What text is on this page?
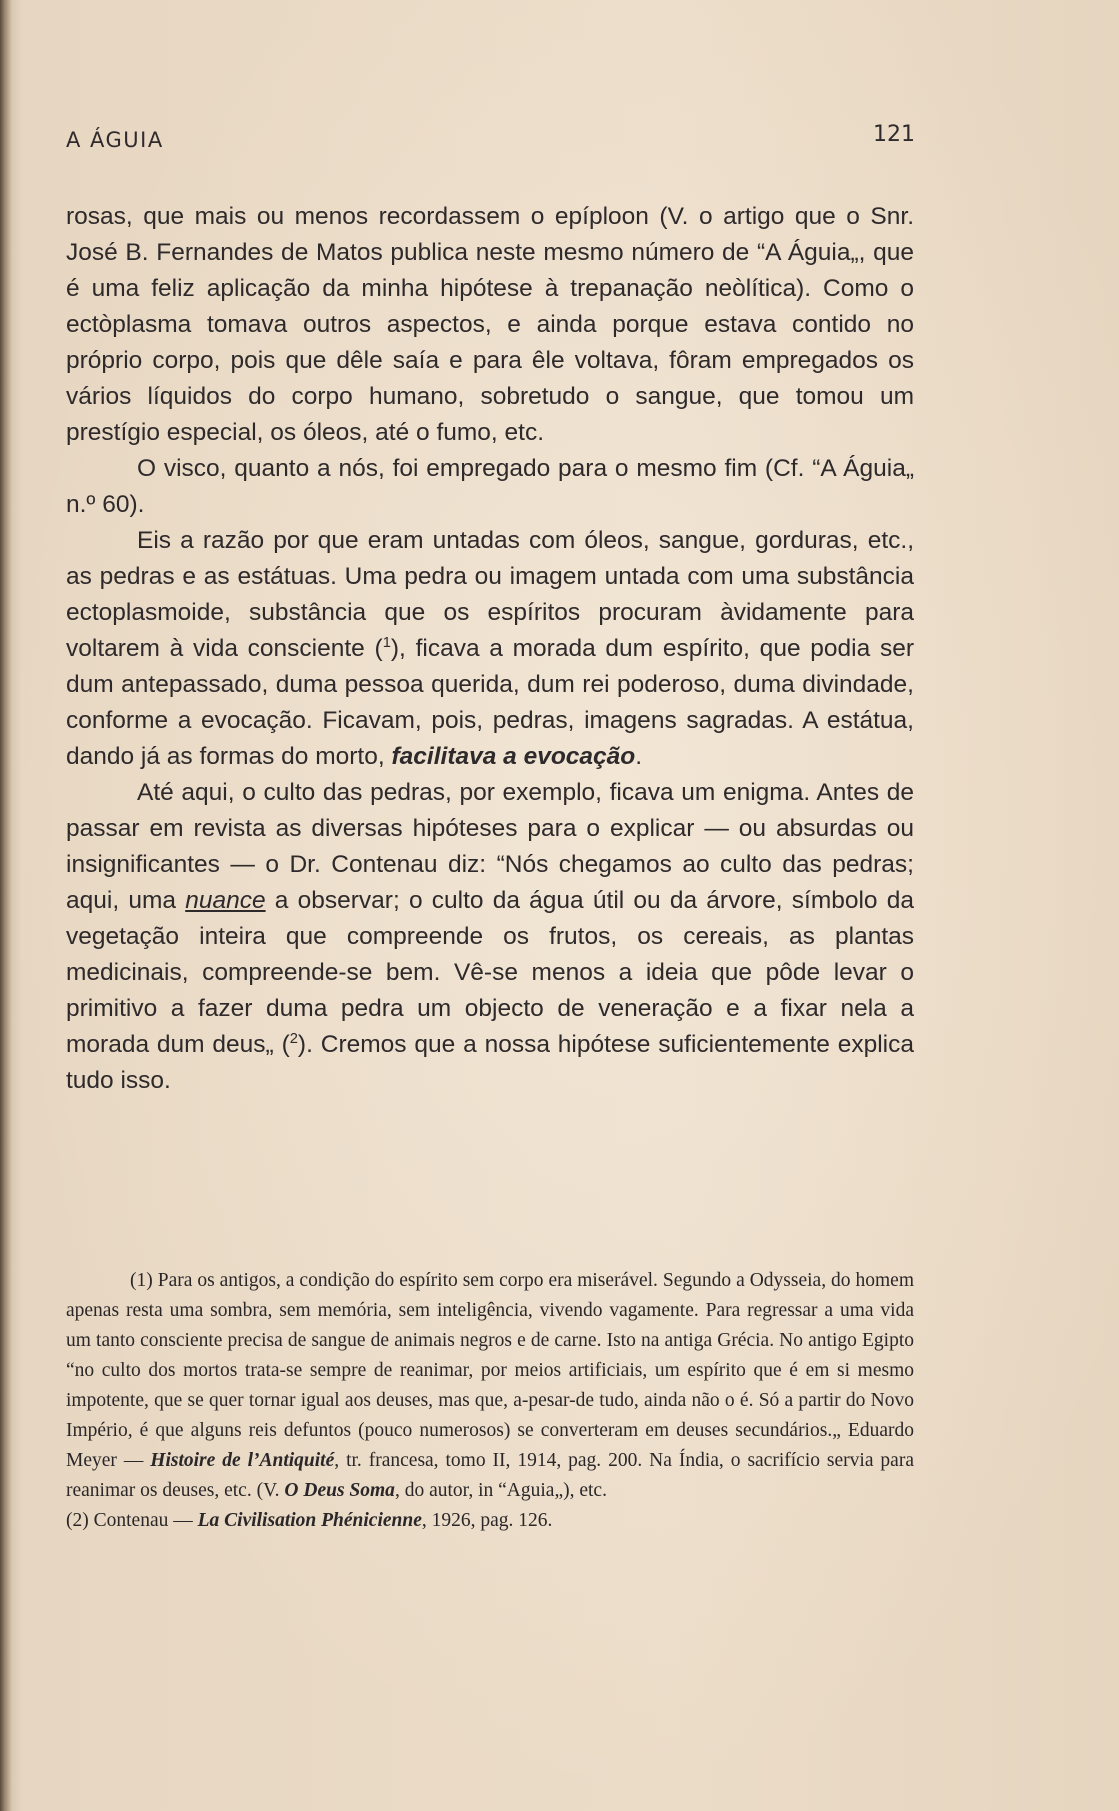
A ÁGUIA	121

rosas, que mais ou menos recordassem o epíploon (V. o artigo que o Snr. José B. Fernandes de Matos publica neste mesmo número de “A Águia„, que é uma feliz aplicação da minha hipótese à trepanação neòlítica). Como o ectòplasma tomava outros aspectos, e ainda porque estava contido no próprio corpo, pois que dêle saía e para êle voltava, fôram empregados os vários líquidos do corpo humano, sobretudo o sangue, que tomou um prestígio especial, os óleos, até o fumo, etc.

O visco, quanto a nós, foi empregado para o mesmo fim (Cf. “A Águia„ n.º 60).

Eis a razão por que eram untadas com óleos, sangue, gorduras, etc., as pedras e as estátuas. Uma pedra ou imagem untada com uma substância ectoplasmoide, substância que os espíritos procuram àvidamente para voltarem à vida consciente ($^1$), ficava a morada dum espírito, que podia ser dum antepassado, duma pessoa querida, dum rei poderoso, duma divindade, conforme a evocação. Ficavam, pois, pedras, imagens sagradas. A estátua, dando já as formas do morto, facilitava a evocação.

Até aqui, o culto das pedras, por exemplo, ficava um enigma. Antes de passar em revista as diversas hipóteses para o explicar — ou absurdas ou insignificantes — o Dr. Contenau diz: “Nós chegamos ao culto das pedras; aqui, uma nuance a observar; o culto da água útil ou da árvore, símbolo da vegetação inteira que compreende os frutos, os cereais, as plantas medicinais, compreende-se bem. Vê-se menos a ideia que pôde levar o primitivo a fazer duma pedra um objecto de veneração e a fixar nela a morada dum deus„ ($^2$). Cremos que a nossa hipótese suficientemente explica tudo isso.

(1) Para os antigos, a condição do espírito sem corpo era miserável. Segundo a Odysseia, do homem apenas resta uma sombra, sem memória, sem inteligência, vivendo vagamente. Para regressar a uma vida um tanto consciente precisa de sangue de animais negros e de carne. Isto na antiga Grécia. No antigo Egipto “no culto dos mortos trata-se sempre de reanimar, por meios artificiais, um espírito que é em si mesmo impotente, que se quer tornar igual aos deuses, mas que, a-pesar-de tudo, ainda não o é. Só a partir do Novo Império, é que alguns reis defuntos (pouco numerosos) se converteram em deuses secundários.„ Eduardo Meyer — Histoire de l’Antiquité, tr. francesa, tomo II, 1914, pag. 200. Na Índia, o sacrifício servia para reanimar os deuses, etc. (V. O Deus Soma, do autor, in “Aguia„), etc.

(2) Contenau — La Civilisation Phénicienne, 1926, pag. 126.
